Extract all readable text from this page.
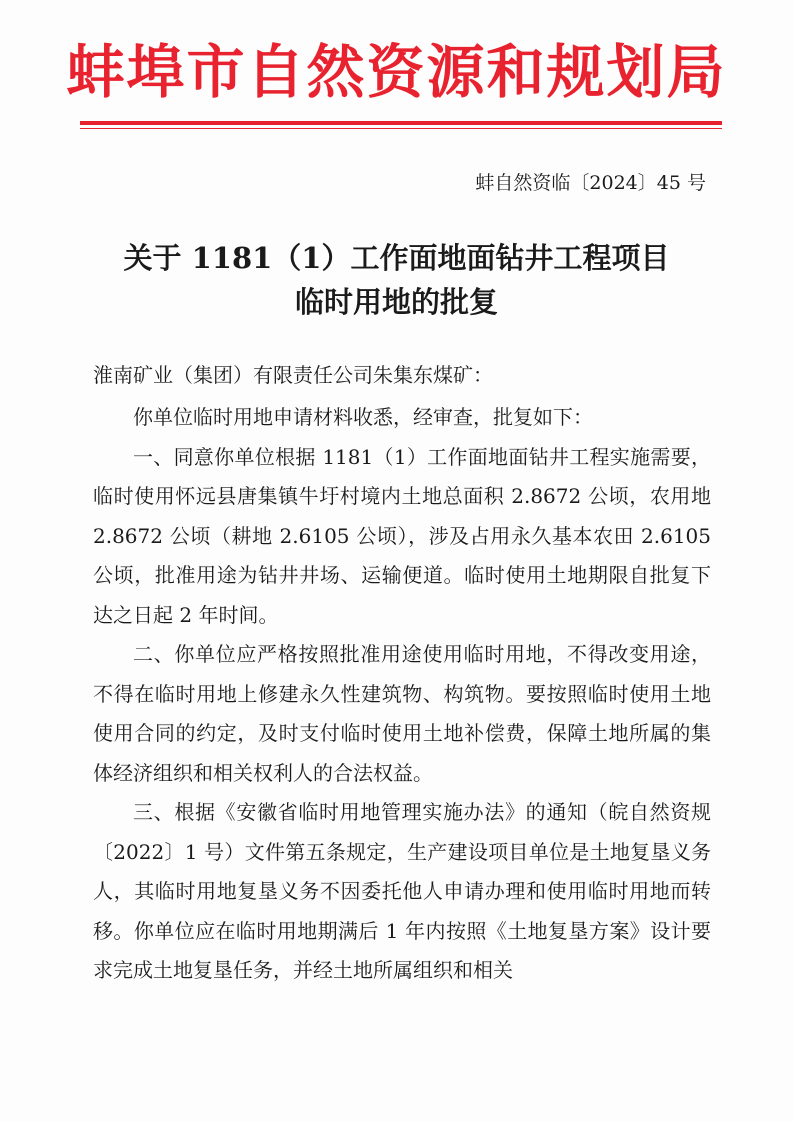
蚌埠市自然资源和规划局
蚌自然资临〔2024〕45 号
关于 1181（1）工作面地面钻井工程项目
临时用地的批复
淮南矿业（集团）有限责任公司朱集东煤矿：

你单位临时用地申请材料收悉，经审查，批复如下：

一、同意你单位根据 1181（1）工作面地面钻井工程实施需要，临时使用怀远县唐集镇牛圩村境内土地总面积 2.8672 公顷，农用地 2.8672 公顷（耕地 2.6105 公顷），涉及占用永久基本农田 2.6105 公顷，批准用途为钻井井场、运输便道。临时使用土地期限自批复下达之日起 2 年时间。

二、你单位应严格按照批准用途使用临时用地，不得改变用途，不得在临时用地上修建永久性建筑物、构筑物。要按照临时使用土地使用合同的约定，及时支付临时使用土地补偿费，保障土地所属的集体经济组织和相关权利人的合法权益。

三、根据《安徽省临时用地管理实施办法》的通知（皖自然资规〔2022〕1 号）文件第五条规定，生产建设项目单位是土地复垦义务人，其临时用地复垦义务不因委托他人申请办理和使用临时用地而转移。你单位应在临时用地期满后 1 年内按照《土地复垦方案》设计要求完成土地复垦任务，并经土地所属组织和相关
